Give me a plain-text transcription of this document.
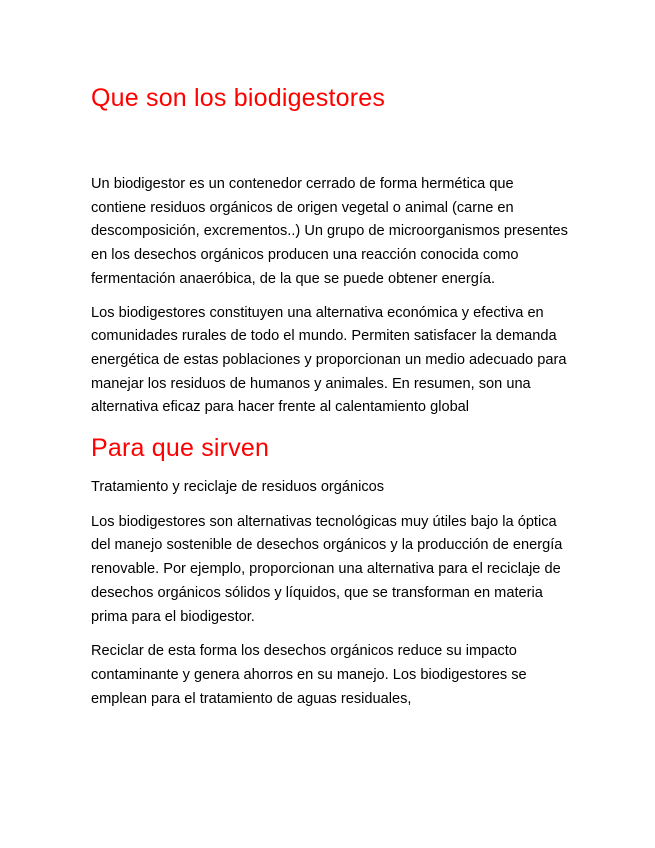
Que son los biodigestores

Un biodigestor es un contenedor cerrado de forma hermética que contiene residuos orgánicos de origen vegetal o animal (carne en descomposición, excrementos..) Un grupo de microorganismos presentes en los desechos orgánicos producen una reacción conocida como fermentación anaeróbica, de la que se puede obtener energía.

Los biodigestores constituyen una alternativa económica y efectiva en comunidades rurales de todo el mundo. Permiten satisfacer la demanda energética de estas poblaciones y proporcionan un medio adecuado para manejar los residuos de humanos y animales. En resumen, son una alternativa eficaz para hacer frente al calentamiento global

Para que sirven

Tratamiento y reciclaje de residuos orgánicos

Los biodigestores son alternativas tecnológicas muy útiles bajo la óptica del manejo sostenible de desechos orgánicos y la producción de energía renovable. Por ejemplo, proporcionan una alternativa para el reciclaje de desechos orgánicos sólidos y líquidos, que se transforman en materia prima para el biodigestor.

Reciclar de esta forma los desechos orgánicos reduce su impacto contaminante y genera ahorros en su manejo. Los biodigestores se emplean para el tratamiento de aguas residuales,
